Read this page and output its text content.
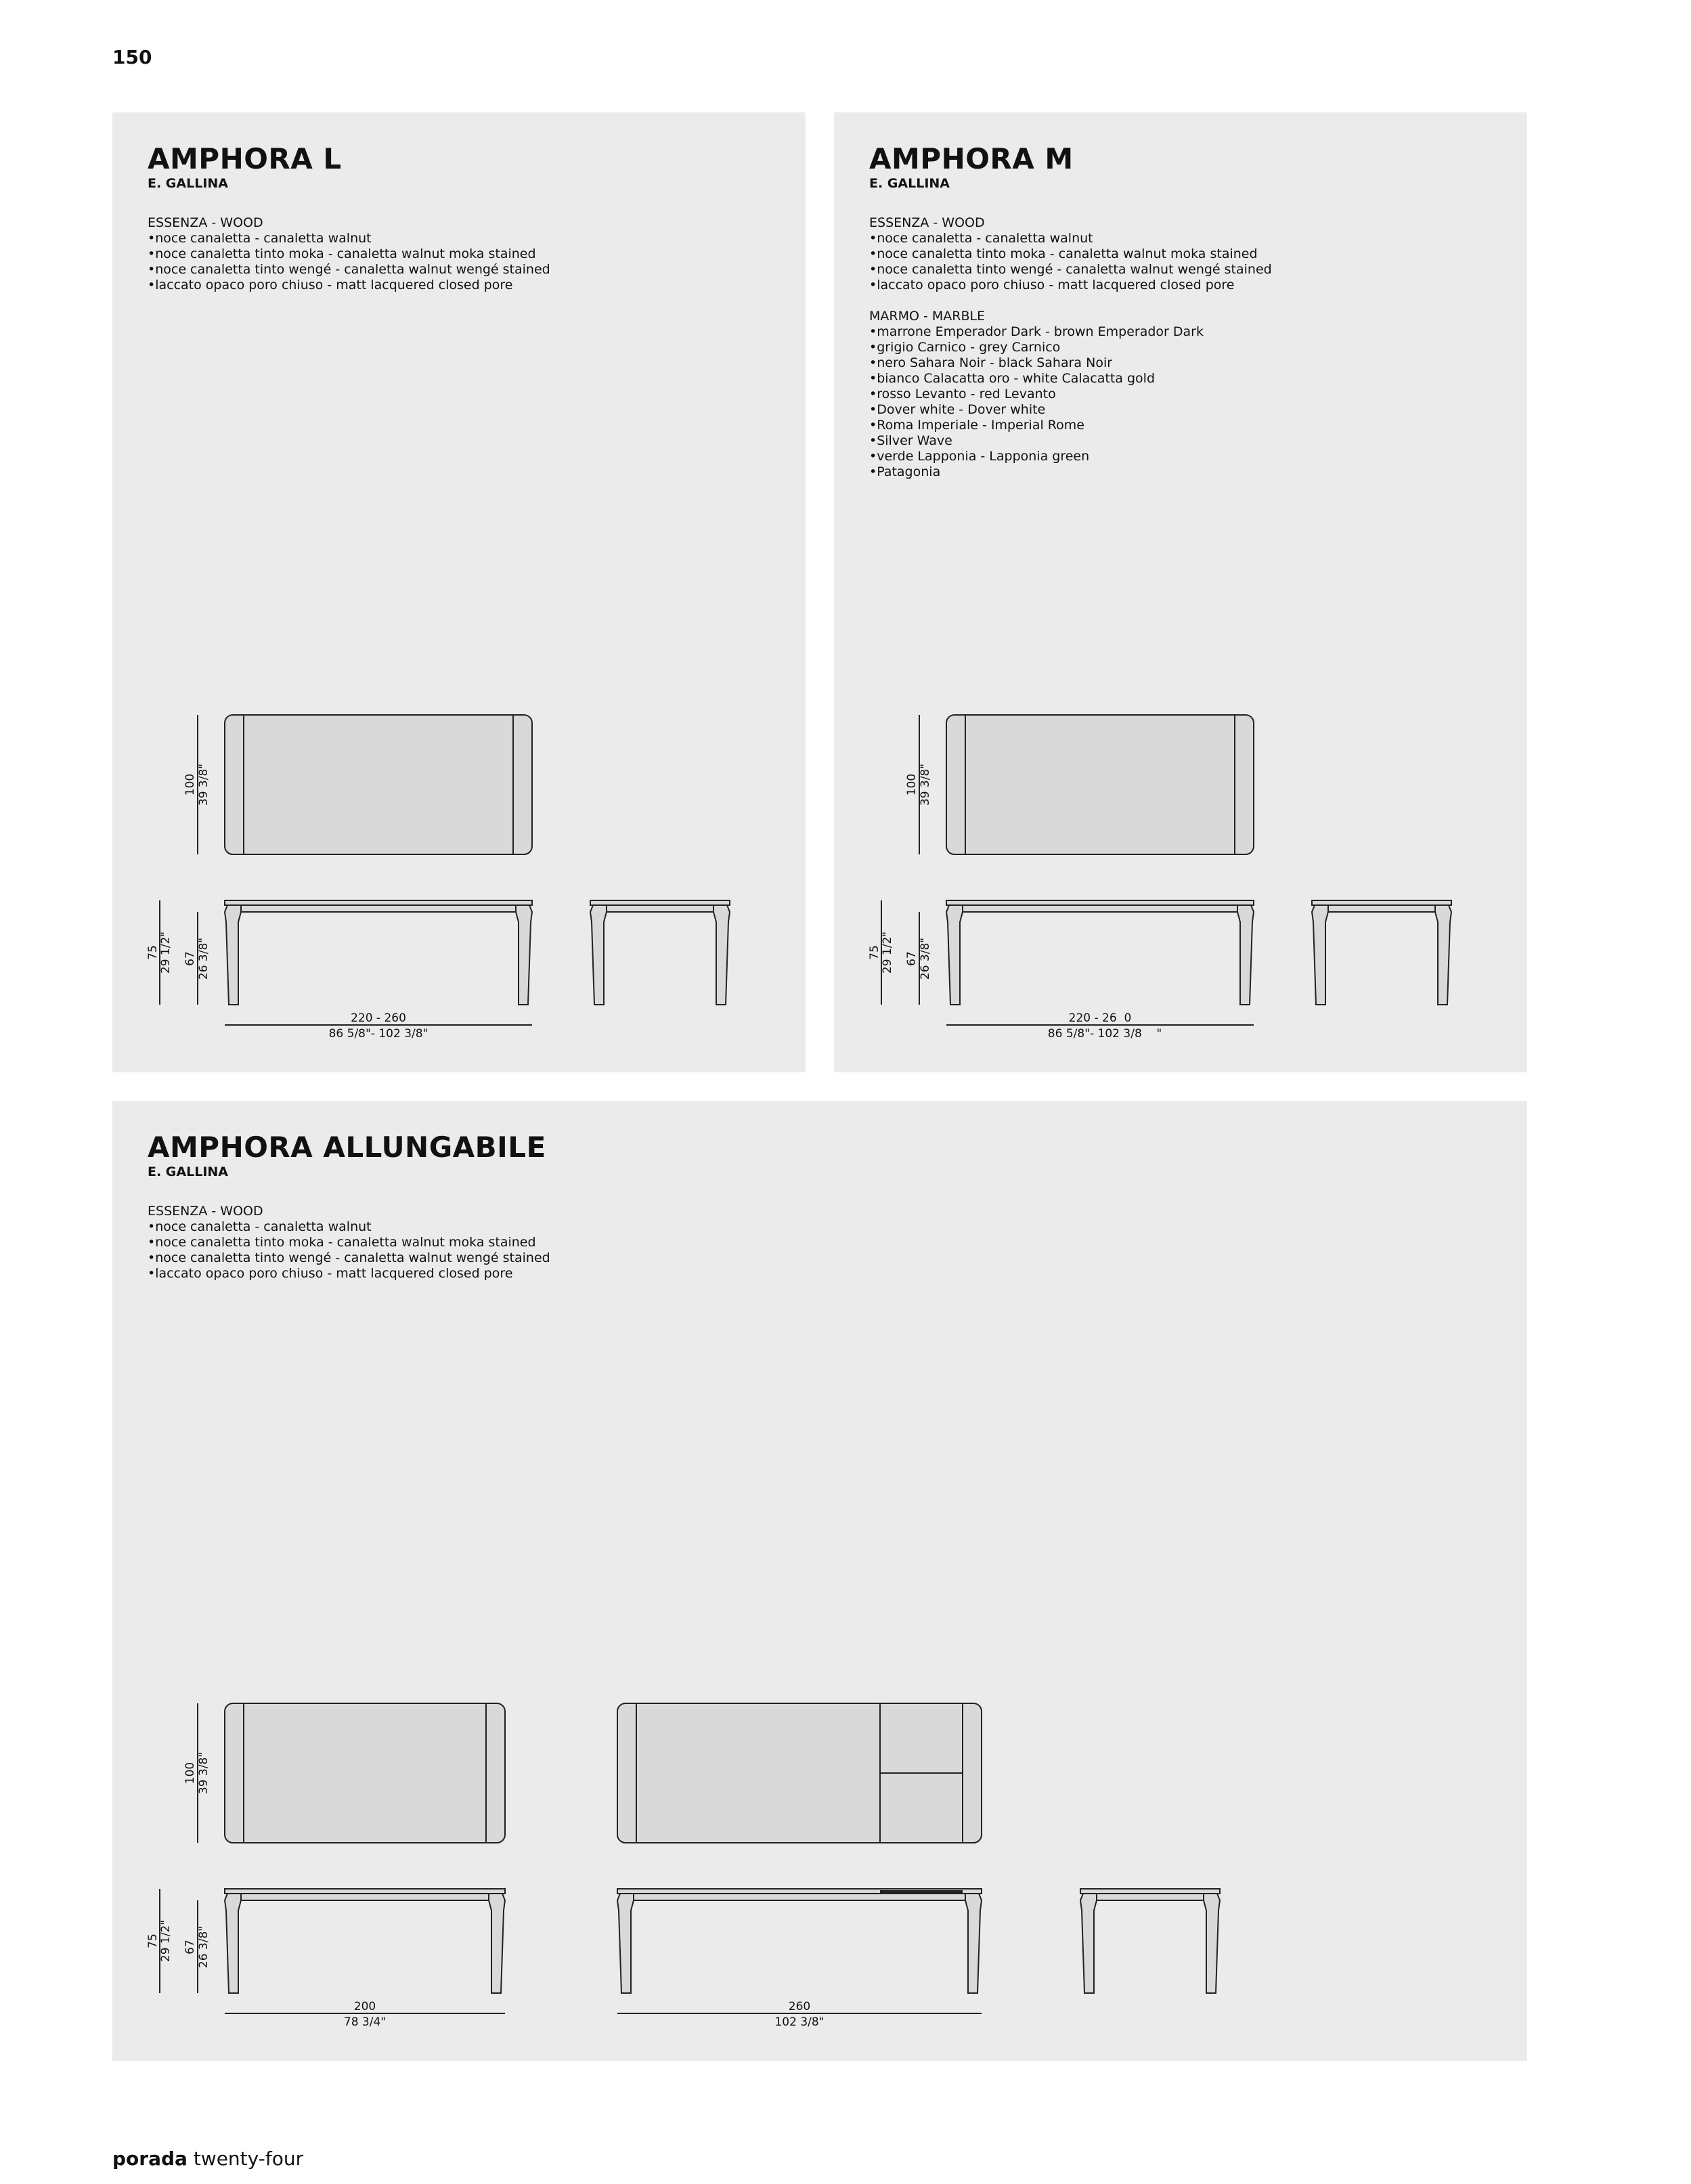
150
AMPHORA L
E. GALLINA
ESSENZA - WOOD
• noce canaletta - canaletta walnut
• noce canaletta tinto moka - canaletta walnut moka stained
• noce canaletta tinto wengé - canaletta walnut wengé stained
• laccato opaco poro chiuso - matt lacquered closed pore
100 39 3/8"
75 29 1/2" 67 26 3/8"
220 - 260
86 5/8"- 102 3/8"
AMPHORA M
E. GALLINA
ESSENZA - WOOD
• noce canaletta - canaletta walnut
• noce canaletta tinto moka - canaletta walnut moka stained
• noce canaletta tinto wengé - canaletta walnut wengé stained
• laccato opaco poro chiuso - matt lacquered closed pore
MARMO - MARBLE
• marrone Emperador Dark - brown Emperador Dark
• grigio Carnico - grey Carnico
• nero Sahara Noir - black Sahara Noir
• bianco Calacatta oro - white Calacatta gold
• rosso Levanto - red Levanto
• Dover white - Dover white
• Roma Imperiale - Imperial Rome
• Silver Wave
• verde Lapponia - Lapponia green
• Patagonia
100 39 3/8"
75 29 1/2" 67 26 3/8"
220 - 26  0
86 5/8"- 102 3/8    "
AMPHORA ALLUNGABILE
E. GALLINA
ESSENZA - WOOD
• noce canaletta - canaletta walnut
• noce canaletta tinto moka - canaletta walnut moka stained
• noce canaletta tinto wengé - canaletta walnut wengé stained
• laccato opaco poro chiuso - matt lacquered closed pore
100 39 3/8"
75 29 1/2" 67 26 3/8"
200
78 3/4"
260
102 3/8"
porada twenty-four
